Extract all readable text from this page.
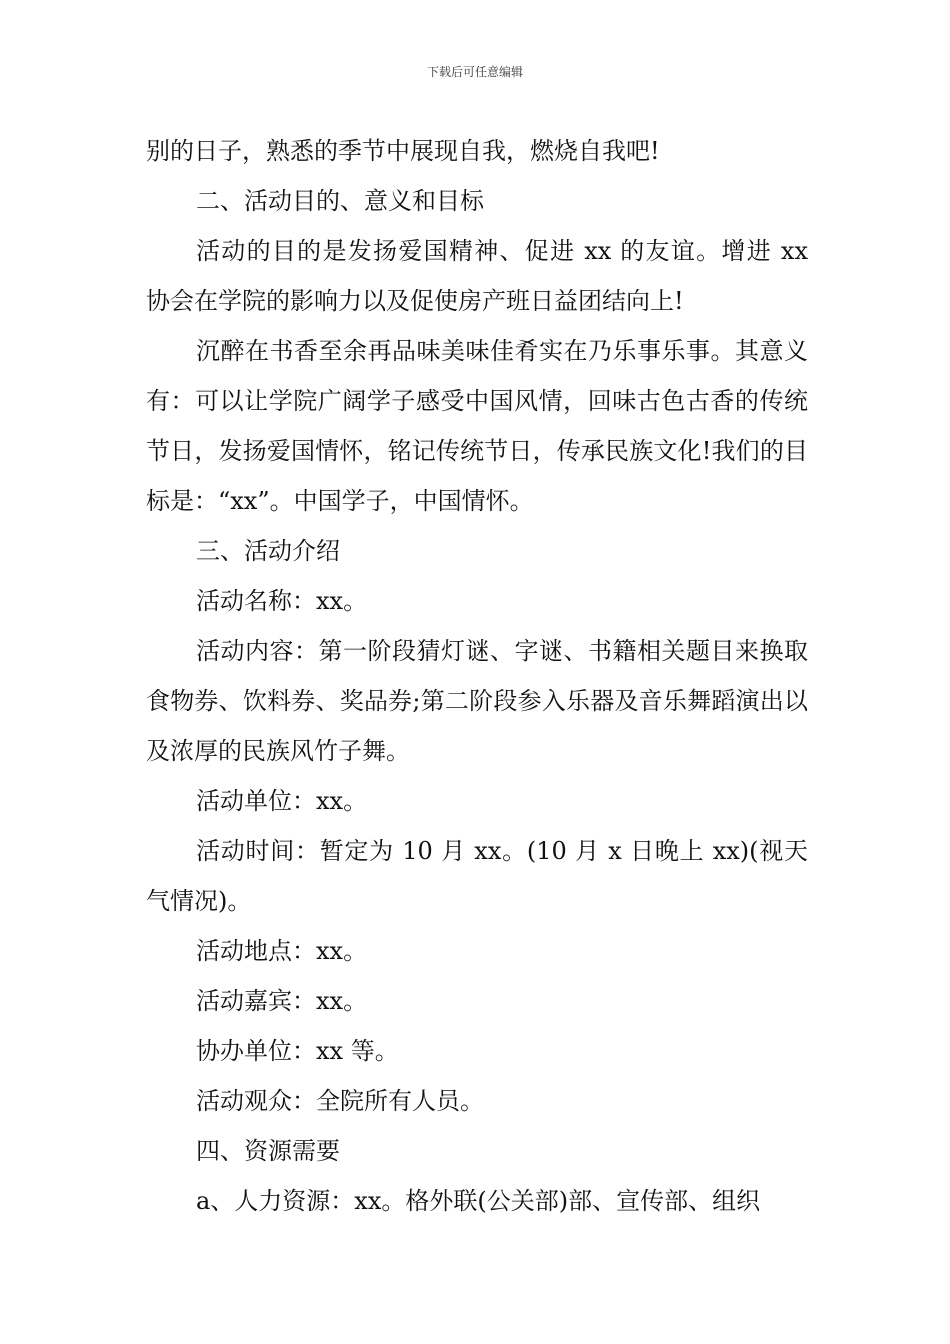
下载后可任意编辑

别的日子，熟悉的季节中展现自我，燃烧自我吧!

二、活动目的、意义和目标

活动的目的是发扬爱国精神、促进 xx 的友谊。增进 xx 协会在学院的影响力以及促使房产班日益团结向上!

沉醉在书香至余再品味美味佳肴实在乃乐事乐事。其意义有：可以让学院广阔学子感受中国风情，回味古色古香的传统节日，发扬爱国情怀，铭记传统节日，传承民族文化!我们的目标是：“xx”。中国学子，中国情怀。

三、活动介绍

活动名称：xx。

活动内容：第一阶段猜灯谜、字谜、书籍相关题目来换取食物券、饮料券、奖品券;第二阶段参入乐器及音乐舞蹈演出以及浓厚的民族风竹子舞。

活动单位：xx。

活动时间：暂定为 10 月 xx。(10 月 x 日晚上 xx)(视天气情况)。

活动地点：xx。

活动嘉宾：xx。

协办单位：xx 等。

活动观众：全院所有人员。

四、资源需要

a、人力资源：xx。格外联(公关部)部、宣传部、组织
